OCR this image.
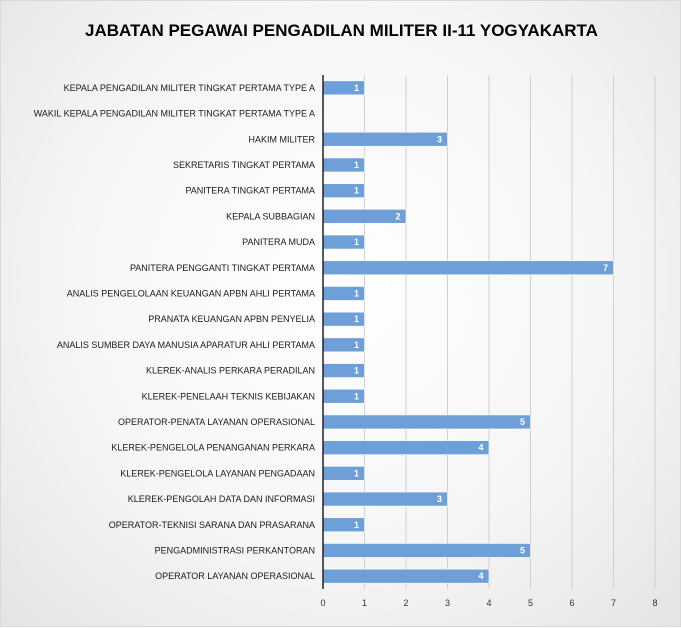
JABATAN PEGAWAI PENGADILAN MILITER II-11 YOGYAKARTA
0	1	2	3	4	5	6	7	8
KEPALA PENGADILAN MILITER TINGKAT PERTAMA TYPE A	1
WAKIL KEPALA PENGADILAN MILITER TINGKAT PERTAMA TYPE A
HAKIM MILITER	3
SEKRETARIS TINGKAT PERTAMA	1
PANITERA TINGKAT PERTAMA	1
KEPALA SUBBAGIAN	2
PANITERA MUDA	1
PANITERA PENGGANTI TINGKAT PERTAMA	7
ANALIS PENGELOLAAN KEUANGAN APBN AHLI PERTAMA	1
PRANATA KEUANGAN APBN PENYELIA	1
ANALIS SUMBER DAYA MANUSIA APARATUR AHLI PERTAMA	1
KLEREK-ANALIS PERKARA PERADILAN	1
KLEREK-PENELAAH TEKNIS KEBIJAKAN	1
OPERATOR-PENATA LAYANAN OPERASIONAL	5
KLEREK-PENGELOLA PENANGANAN PERKARA	4
KLEREK-PENGELOLA LAYANAN PENGADAAN	1
KLEREK-PENGOLAH DATA DAN INFORMASI	3
OPERATOR-TEKNISI SARANA DAN PRASARANA	1
PENGADMINISTRASI PERKANTORAN	5
OPERATOR LAYANAN OPERASIONAL	4
